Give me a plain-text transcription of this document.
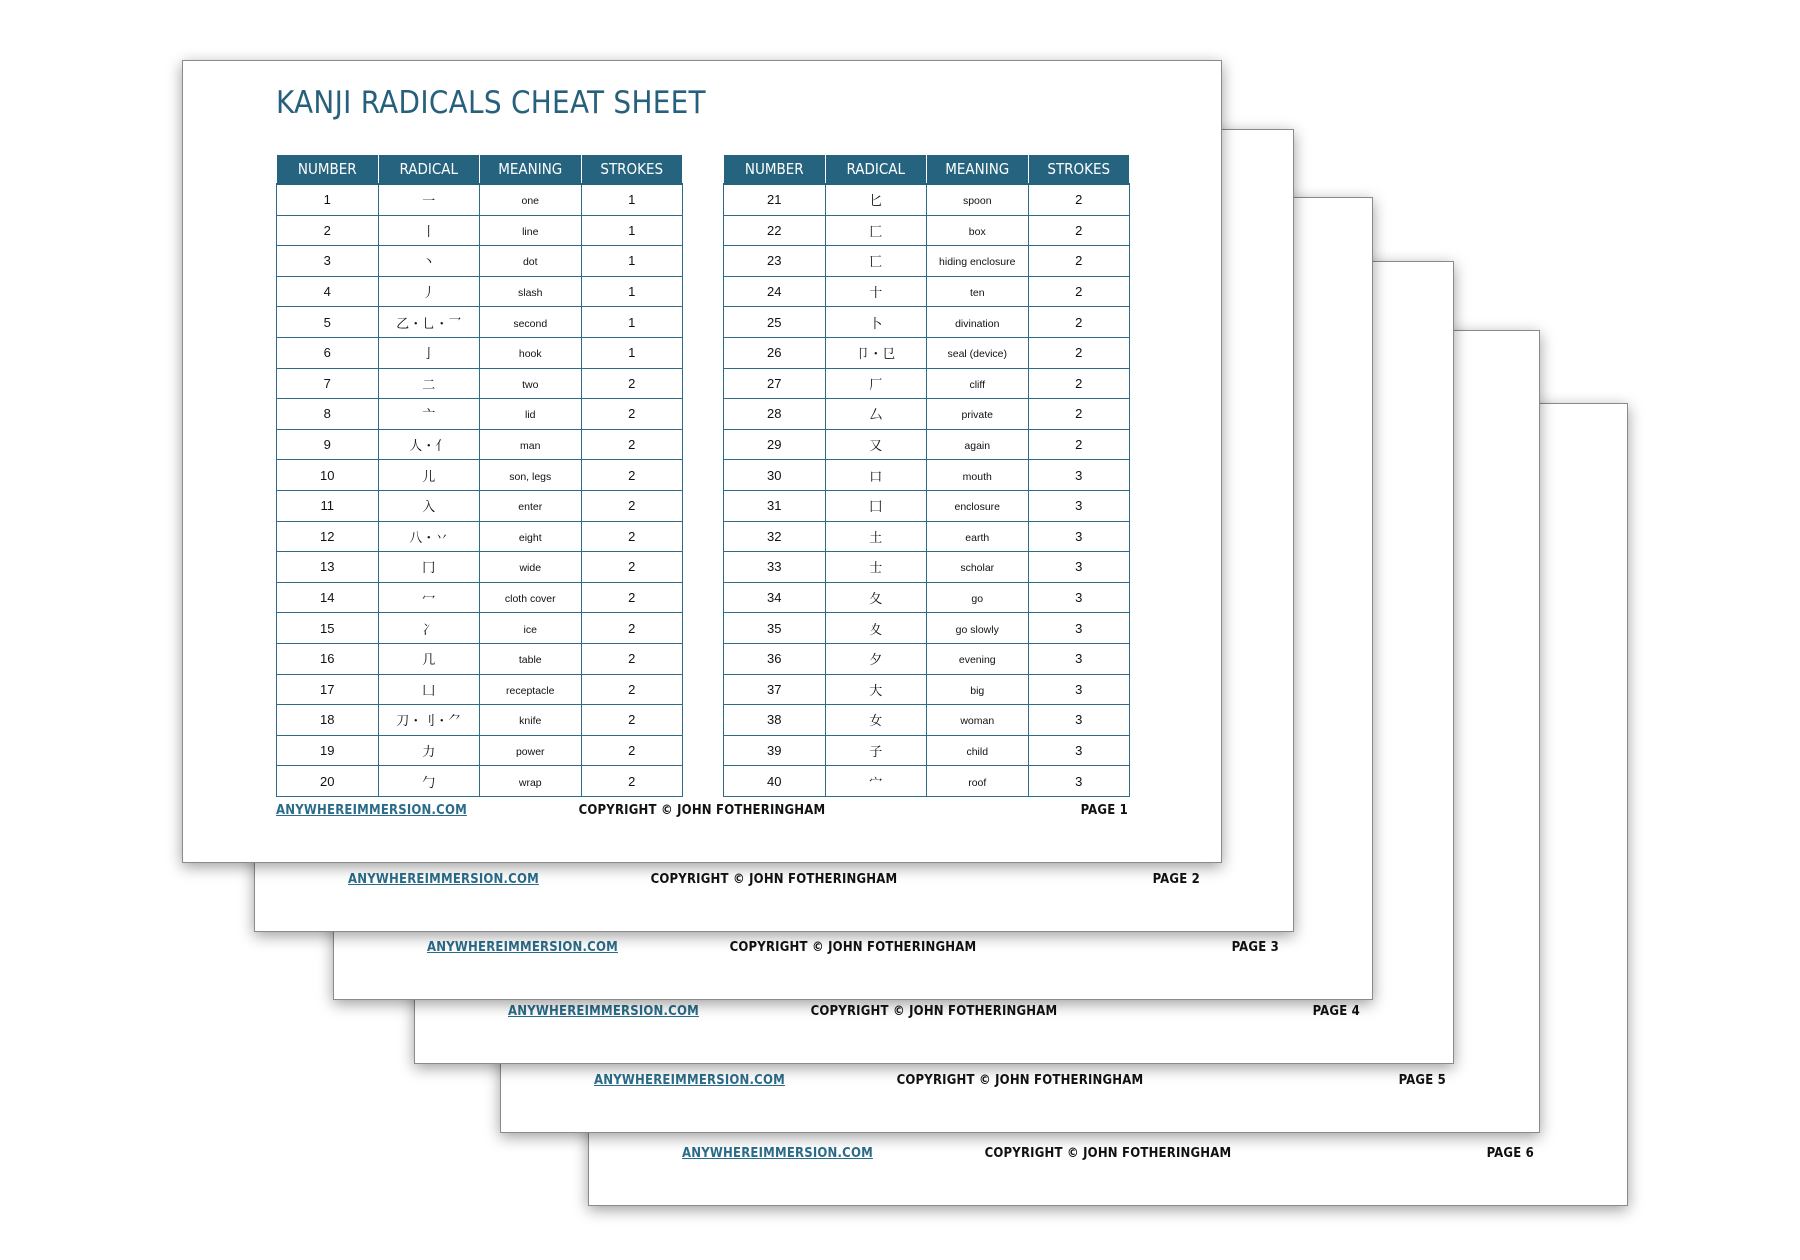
ANYWHEREIMMERSION.COM	COPYRIGHT © JOHN FOTHERINGHAM	PAGE 6
ANYWHEREIMMERSION.COM	COPYRIGHT © JOHN FOTHERINGHAM	PAGE 5
ANYWHEREIMMERSION.COM	COPYRIGHT © JOHN FOTHERINGHAM	PAGE 4
ANYWHEREIMMERSION.COM	COPYRIGHT © JOHN FOTHERINGHAM	PAGE 3
ANYWHEREIMMERSION.COM	COPYRIGHT © JOHN FOTHERINGHAM	PAGE 2
KANJI RADICALS CHEAT SHEET
NUMBER	RADICAL	MEANING	STROKES
1	一	one	1
2	丨	line	1
3	丶	dot	1
4	丿	slash	1
5	乙・乚・乛	second	1
6	亅	hook	1
7	二	two	2
8	亠	lid	2
9	人・亻	man	2
10	儿	son, legs	2
11	入	enter	2
12	八・丷	eight	2
13	冂	wide	2
14	冖	cloth cover	2
15	冫	ice	2
16	几	table	2
17	凵	receptacle	2
18	刀・刂・⺈	knife	2
19	力	power	2
20	勹	wrap	2
NUMBER	RADICAL	MEANING	STROKES
21	匕	spoon	2
22	匚	box	2
23	匸	hiding enclosure	2
24	十	ten	2
25	卜	divination	2
26	卩・㔾	seal (device)	2
27	厂	cliff	2
28	厶	private	2
29	又	again	2
30	口	mouth	3
31	囗	enclosure	3
32	土	earth	3
33	士	scholar	3
34	夂	go	3
35	夊	go slowly	3
36	夕	evening	3
37	大	big	3
38	女	woman	3
39	子	child	3
40	宀	roof	3
ANYWHEREIMMERSION.COM	COPYRIGHT © JOHN FOTHERINGHAM	PAGE 1
